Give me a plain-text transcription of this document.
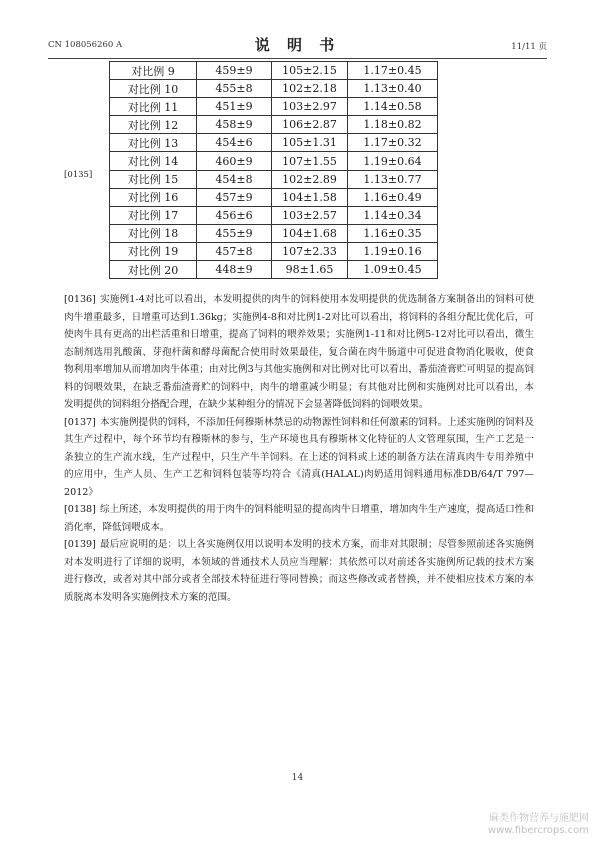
CN 108056260 A	说 明 书	11/11 页
[0135]
对比例 9	459±9	105±2.15	1.17±0.45
对比例 10	455±8	102±2.18	1.13±0.40
对比例 11	451±9	103±2.97	1.14±0.58
对比例 12	458±9	106±2.87	1.18±0.82
对比例 13	454±6	105±1.31	1.17±0.32
对比例 14	460±9	107±1.55	1.19±0.64
对比例 15	454±8	102±2.89	1.13±0.77
对比例 16	457±9	104±1.58	1.16±0.49
对比例 17	456±6	103±2.57	1.14±0.34
对比例 18	455±9	104±1.68	1.16±0.35
对比例 19	457±8	107±2.33	1.19±0.16
对比例 20	448±9	98±1.65	1.09±0.45

[0136] 实施例1-4对比可以看出，本发明提供的肉牛的饲料使用本发明提供的优选制备方案制备出的饲料可使肉牛增重最多，日增重可达到1.36kg；实施例4-8和对比例1-2对比可以看出，将饲料的各组分配比优化后，可使肉牛具有更高的出栏活重和日增重，提高了饲料的喂养效果；实施例1-11和对比例5-12对比可以看出，微生态制剂选用乳酸菌、芽孢杆菌和酵母菌配合使用时效果最佳，复合菌在肉牛肠道中可促进食物消化吸收，使食物利用率增加从而增加肉牛体重；由对比例3与其他实施例和对比例对比可以看出，番茄渣膏贮可明显的提高饲料的饲喂效果，在缺乏番茄渣膏贮的饲料中，肉牛的增重减少明显；有其他对比例和实施例对比可以看出，本发明提供的饲料组分搭配合理，在缺少某种组分的情况下会显著降低饲料的饲喂效果。

[0137] 本实施例提供的饲料，不添加任何穆斯林禁忌的动物源性饲料和任何激素的饲料。上述实施例的饲料及其生产过程中，每个环节均有穆斯林的参与，生产环境也具有穆斯林文化特征的人文管理氛围，生产工艺是一条独立的生产流水线，生产过程中，只生产牛羊饲料。在上述的饲料或上述的制备方法在清真肉牛专用养殖中的应用中，生产人员、生产工艺和饲料包装等均符合《清真(HALAL)肉奶适用饲料通用标准DB/64/T 797— 2012》

[0138] 综上所述，本发明提供的用于肉牛的饲料能明显的提高肉牛日增重，增加肉牛生产速度，提高适口性和消化率，降低饲喂成本。

[0139] 最后应说明的是：以上各实施例仅用以说明本发明的技术方案，而非对其限制；尽管参照前述各实施例对本发明进行了详细的说明，本领域的普通技术人员应当理解：其依然可以对前述各实施例所记载的技术方案进行修改，或者对其中部分或者全部技术特征进行等同替换；而这些修改或者替换，并不使相应技术方案的本质脱离本发明各实施例技术方案的范围。

14
麻类作物营养与施肥网
www.fibercrops.com
